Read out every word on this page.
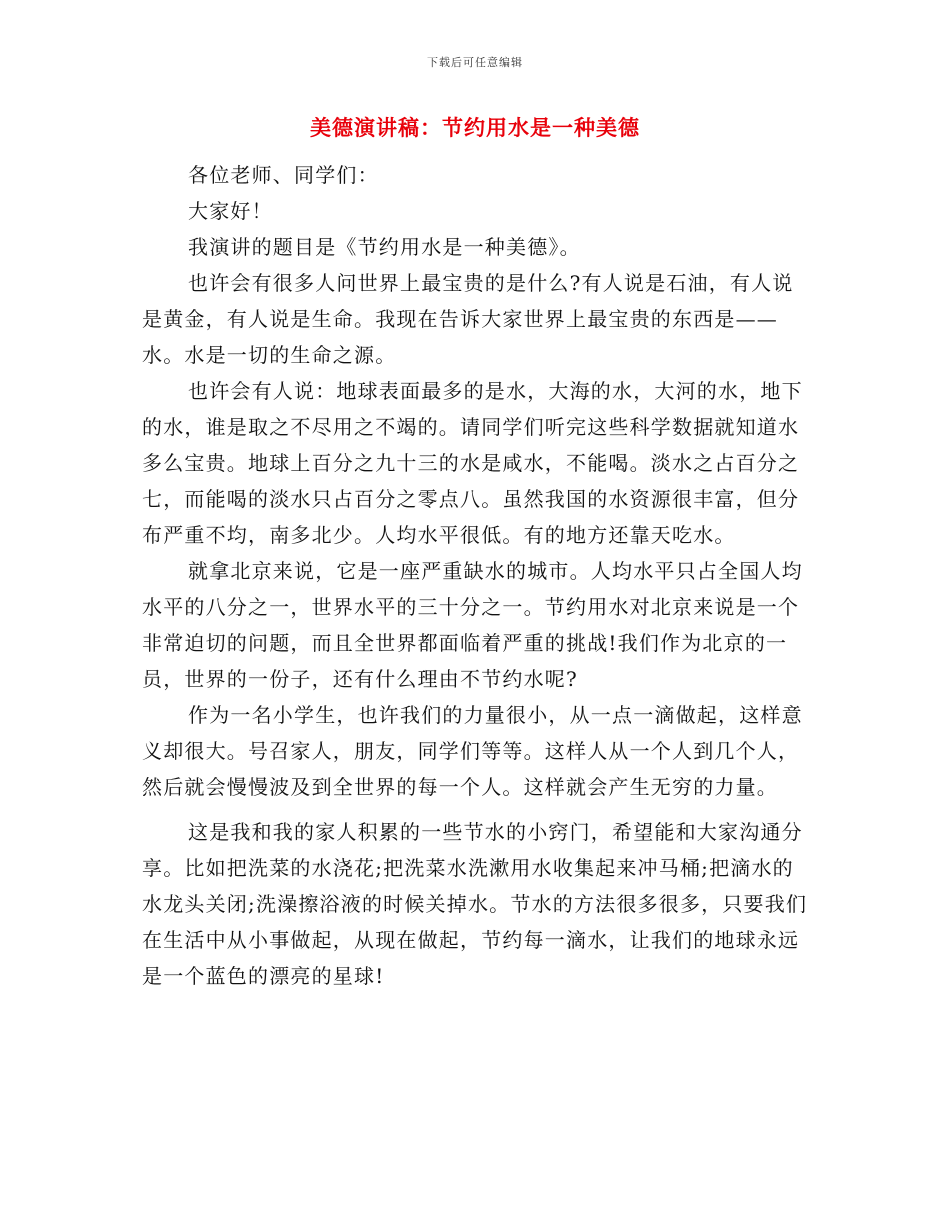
下载后可任意编辑
美德演讲稿：节约用水是一种美德

各位老师、同学们：

大家好！

我演讲的题目是《节约用水是一种美德》。

也许会有很多人问世界上最宝贵的是什么?有人说是石油，有人说是黄金，有人说是生命。我现在告诉大家世界上最宝贵的东西是——水。水是一切的生命之源。

也许会有人说：地球表面最多的是水，大海的水，大河的水，地下的水，谁是取之不尽用之不竭的。请同学们听完这些科学数据就知道水多么宝贵。地球上百分之九十三的水是咸水，不能喝。淡水之占百分之七，而能喝的淡水只占百分之零点八。虽然我国的水资源很丰富，但分布严重不均，南多北少。人均水平很低。有的地方还靠天吃水。

就拿北京来说，它是一座严重缺水的城市。人均水平只占全国人均水平的八分之一，世界水平的三十分之一。节约用水对北京来说是一个非常迫切的问题，而且全世界都面临着严重的挑战!我们作为北京的一员，世界的一份子，还有什么理由不节约水呢?

作为一名小学生，也许我们的力量很小，从一点一滴做起，这样意义却很大。号召家人，朋友，同学们等等。这样人从一个人到几个人，然后就会慢慢波及到全世界的每一个人。这样就会产生无穷的力量。

这是我和我的家人积累的一些节水的小窍门，希望能和大家沟通分享。比如把洗菜的水浇花;把洗菜水洗漱用水收集起来冲马桶;把滴水的水龙头关闭;洗澡擦浴液的时候关掉水。节水的方法很多很多，只要我们在生活中从小事做起，从现在做起，节约每一滴水，让我们的地球永远是一个蓝色的漂亮的星球!
